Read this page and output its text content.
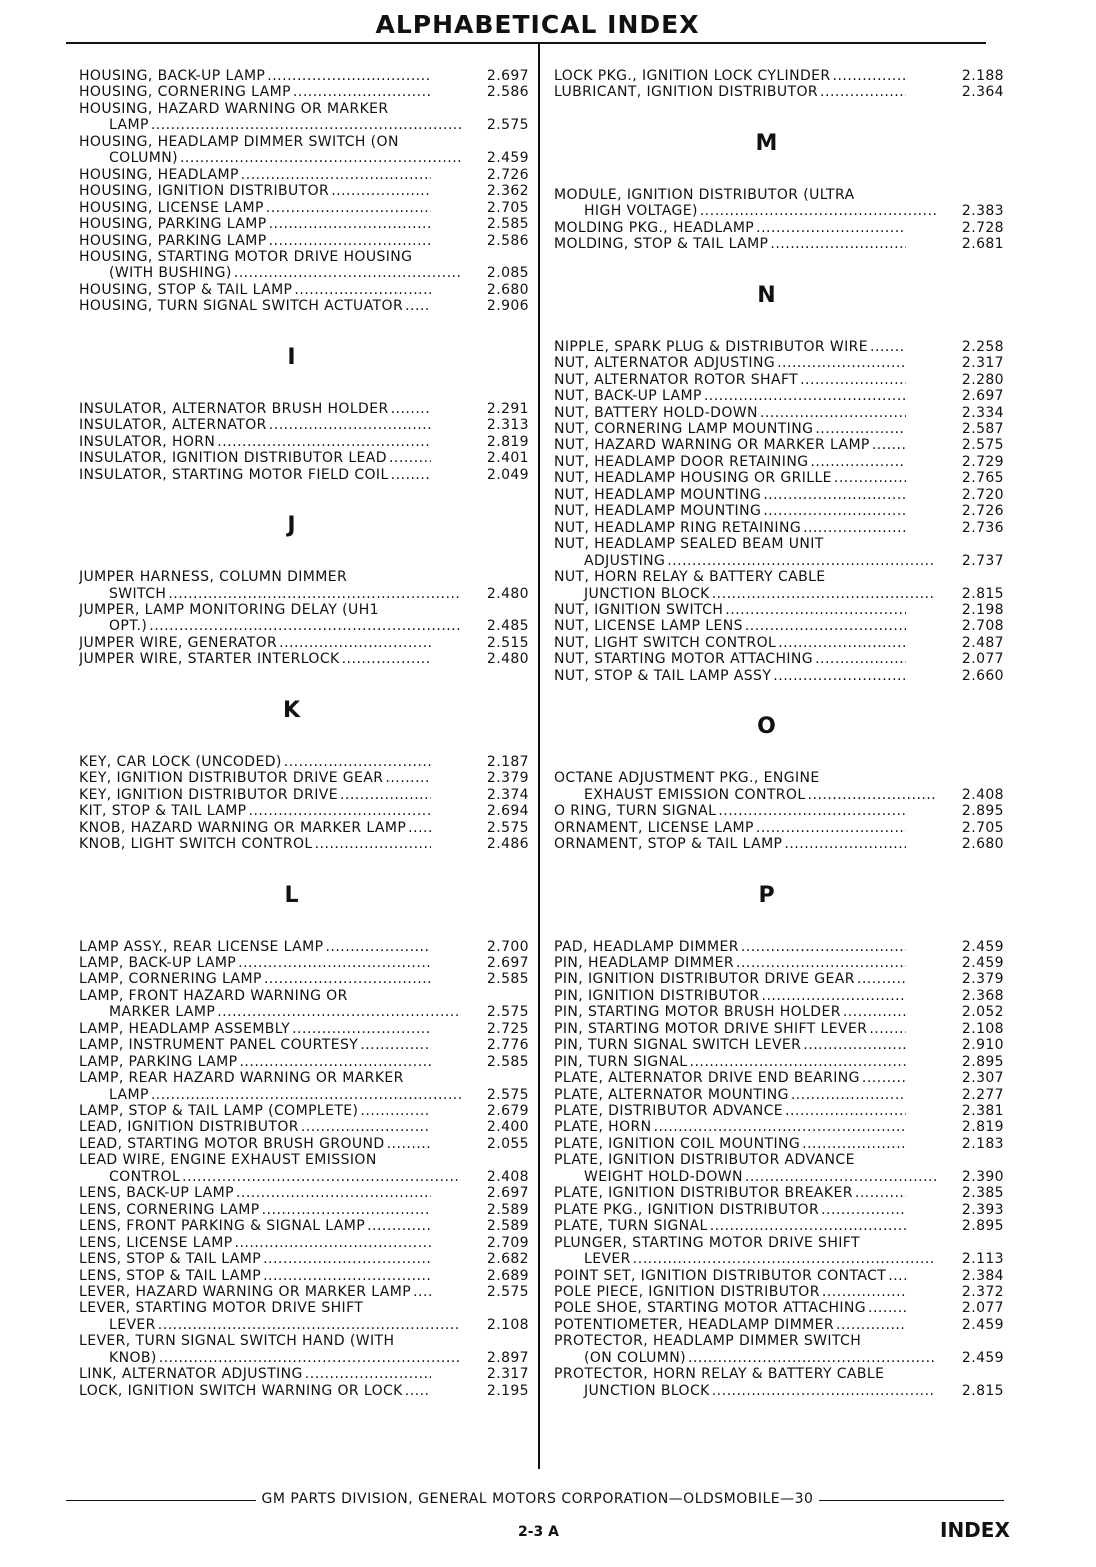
ALPHABETICAL INDEX
HOUSING, BACK-UP LAMP .....	2.697
HOUSING, CORNERING LAMP .....	2.586
HOUSING, HAZARD WARNING OR MARKER
LAMP .....	2.575
HOUSING, HEADLAMP DIMMER SWITCH (ON
COLUMN) .....	2.459
HOUSING, HEADLAMP .....	2.726
HOUSING, IGNITION DISTRIBUTOR .....	2.362
HOUSING, LICENSE LAMP .....	2.705
HOUSING, PARKING LAMP .....	2.585
HOUSING, PARKING LAMP .....	2.586
HOUSING, STARTING MOTOR DRIVE HOUSING
(WITH BUSHING) .....	2.085
HOUSING, STOP & TAIL LAMP .....	2.680
HOUSING, TURN SIGNAL SWITCH ACTUATOR .....	2.906
I
INSULATOR, ALTERNATOR BRUSH HOLDER .....	2.291
INSULATOR, ALTERNATOR .....	2.313
INSULATOR, HORN .....	2.819
INSULATOR, IGNITION DISTRIBUTOR LEAD .....	2.401
INSULATOR, STARTING MOTOR FIELD COIL .....	2.049
J
JUMPER HARNESS, COLUMN DIMMER
SWITCH .....	2.480
JUMPER, LAMP MONITORING DELAY (UH1
OPT.) .....	2.485
JUMPER WIRE, GENERATOR .....	2.515
JUMPER WIRE, STARTER INTERLOCK .....	2.480
K
KEY, CAR LOCK (UNCODED) .....	2.187
KEY, IGNITION DISTRIBUTOR DRIVE GEAR .....	2.379
KEY, IGNITION DISTRIBUTOR DRIVE .....	2.374
KIT, STOP & TAIL LAMP .....	2.694
KNOB, HAZARD WARNING OR MARKER LAMP .....	2.575
KNOB, LIGHT SWITCH CONTROL .....	2.486
L
LAMP ASSY., REAR LICENSE LAMP .....	2.700
LAMP, BACK-UP LAMP .....	2.697
LAMP, CORNERING LAMP .....	2.585
LAMP, FRONT HAZARD WARNING OR
MARKER LAMP .....	2.575
LAMP, HEADLAMP ASSEMBLY .....	2.725
LAMP, INSTRUMENT PANEL COURTESY .....	2.776
LAMP, PARKING LAMP .....	2.585
LAMP, REAR HAZARD WARNING OR MARKER
LAMP .....	2.575
LAMP, STOP & TAIL LAMP (COMPLETE) .....	2.679
LEAD, IGNITION DISTRIBUTOR .....	2.400
LEAD, STARTING MOTOR BRUSH GROUND .....	2.055
LEAD WIRE, ENGINE EXHAUST EMISSION
CONTROL .....	2.408
LENS, BACK-UP LAMP .....	2.697
LENS, CORNERING LAMP .....	2.589
LENS, FRONT PARKING & SIGNAL LAMP .....	2.589
LENS, LICENSE LAMP .....	2.709
LENS, STOP & TAIL LAMP .....	2.682
LENS, STOP & TAIL LAMP .....	2.689
LEVER, HAZARD WARNING OR MARKER LAMP .....	2.575
LEVER, STARTING MOTOR DRIVE SHIFT
LEVER .....	2.108
LEVER, TURN SIGNAL SWITCH HAND (WITH
KNOB) .....	2.897
LINK, ALTERNATOR ADJUSTING .....	2.317
LOCK, IGNITION SWITCH WARNING OR LOCK .....	2.195
LOCK PKG., IGNITION LOCK CYLINDER .....	2.188
LUBRICANT, IGNITION DISTRIBUTOR .....	2.364
M
MODULE, IGNITION DISTRIBUTOR (ULTRA
HIGH VOLTAGE) .....	2.383
MOLDING PKG., HEADLAMP .....	2.728
MOLDING, STOP & TAIL LAMP .....	2.681
N
NIPPLE, SPARK PLUG & DISTRIBUTOR WIRE .....	2.258
NUT, ALTERNATOR ADJUSTING .....	2.317
NUT, ALTERNATOR ROTOR SHAFT .....	2.280
NUT, BACK-UP LAMP .....	2.697
NUT, BATTERY HOLD-DOWN .....	2.334
NUT, CORNERING LAMP MOUNTING .....	2.587
NUT, HAZARD WARNING OR MARKER LAMP .....	2.575
NUT, HEADLAMP DOOR RETAINING .....	2.729
NUT, HEADLAMP HOUSING OR GRILLE .....	2.765
NUT, HEADLAMP MOUNTING .....	2.720
NUT, HEADLAMP MOUNTING .....	2.726
NUT, HEADLAMP RING RETAINING .....	2.736
NUT, HEADLAMP SEALED BEAM UNIT
ADJUSTING .....	2.737
NUT, HORN RELAY & BATTERY CABLE
JUNCTION BLOCK .....	2.815
NUT, IGNITION SWITCH .....	2.198
NUT, LICENSE LAMP LENS .....	2.708
NUT, LIGHT SWITCH CONTROL .....	2.487
NUT, STARTING MOTOR ATTACHING .....	2.077
NUT, STOP & TAIL LAMP ASSY .....	2.660
O
OCTANE ADJUSTMENT PKG., ENGINE
EXHAUST EMISSION CONTROL .....	2.408
O RING, TURN SIGNAL .....	2.895
ORNAMENT, LICENSE LAMP .....	2.705
ORNAMENT, STOP & TAIL LAMP .....	2.680
P
PAD, HEADLAMP DIMMER .....	2.459
PIN, HEADLAMP DIMMER .....	2.459
PIN, IGNITION DISTRIBUTOR DRIVE GEAR .....	2.379
PIN, IGNITION DISTRIBUTOR .....	2.368
PIN, STARTING MOTOR BRUSH HOLDER .....	2.052
PIN, STARTING MOTOR DRIVE SHIFT LEVER .....	2.108
PIN, TURN SIGNAL SWITCH LEVER .....	2.910
PIN, TURN SIGNAL .....	2.895
PLATE, ALTERNATOR DRIVE END BEARING .....	2.307
PLATE, ALTERNATOR MOUNTING .....	2.277
PLATE, DISTRIBUTOR ADVANCE .....	2.381
PLATE, HORN .....	2.819
PLATE, IGNITION COIL MOUNTING .....	2.183
PLATE, IGNITION DISTRIBUTOR ADVANCE
WEIGHT HOLD-DOWN .....	2.390
PLATE, IGNITION DISTRIBUTOR BREAKER .....	2.385
PLATE PKG., IGNITION DISTRIBUTOR .....	2.393
PLATE, TURN SIGNAL .....	2.895
PLUNGER, STARTING MOTOR DRIVE SHIFT
LEVER .....	2.113
POINT SET, IGNITION DISTRIBUTOR CONTACT .....	2.384
POLE PIECE, IGNITION DISTRIBUTOR .....	2.372
POLE SHOE, STARTING MOTOR ATTACHING .....	2.077
POTENTIOMETER, HEADLAMP DIMMER .....	2.459
PROTECTOR, HEADLAMP DIMMER SWITCH
(ON COLUMN) .....	2.459
PROTECTOR, HORN RELAY & BATTERY CABLE
JUNCTION BLOCK .....	2.815
GM PARTS DIVISION, GENERAL MOTORS CORPORATION—OLDSMOBILE—30
2-3 A	INDEX
